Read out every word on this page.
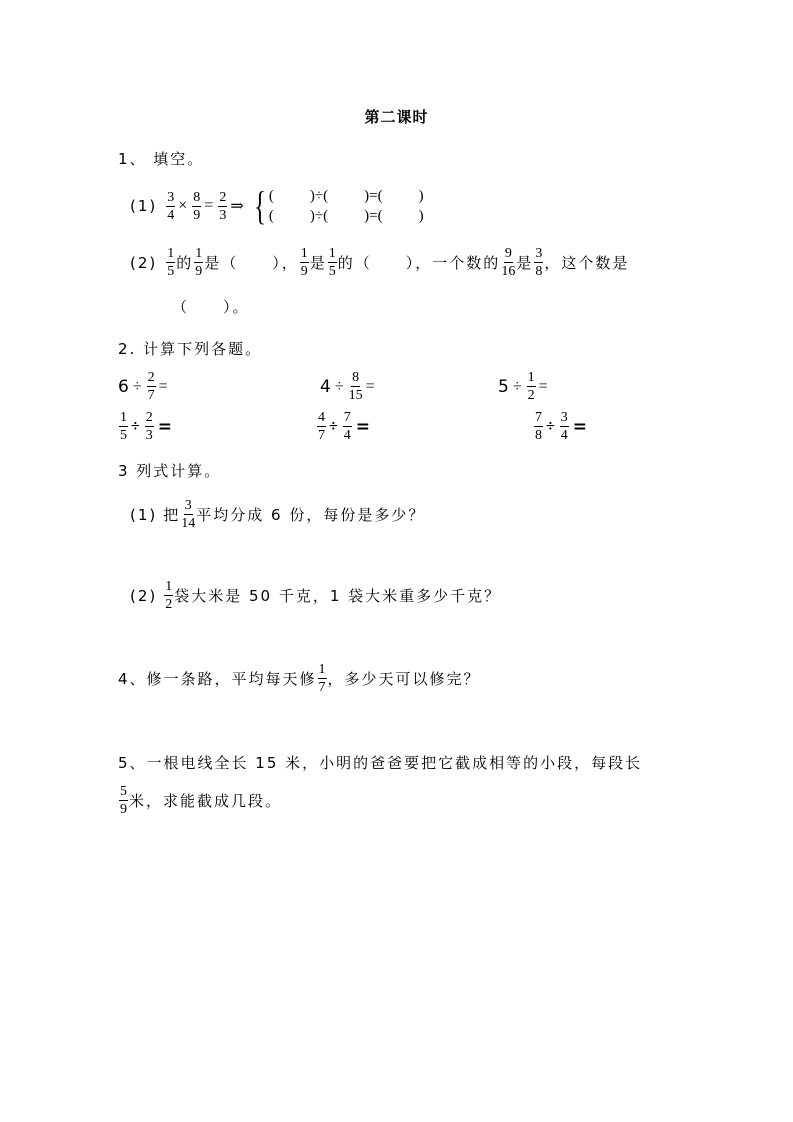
第二课时
1、 填空。
$(1) \frac{3}{4} \times \frac{8}{9} = \frac{2}{3}$ ⇒ { ( ) ÷ ( ) = ( )
( ) ÷ ( ) = ( )
$(2) \frac{1}{5}$ 的 $\frac{1}{9}$ 是（　　）， $\frac{1}{9}$ 是 $\frac{1}{5}$ 的（　　），一个数的 $\frac{9}{16}$ 是 $\frac{3}{8}$ ，这个数是
（　　）。
2. 计算下列各题。
$6 \div \frac{2}{7}$ =	$4 \div \frac{8}{15}$ =	$5 \div \frac{1}{2}$ =
$\frac{1}{5} \div \frac{2}{3}$ =	$\frac{4}{7} \div \frac{7}{4}$ =	$\frac{7}{8} \div \frac{3}{4}$ =
3 列式计算。
(1) 把 $\frac{3}{14}$ 平均分成 6 份，每份是多少？
$(2) \frac{1}{2}$ 袋大米是 50 千克，1 袋大米重多少千克？
4、修一条路，平均每天修 $\frac{1}{7}$ ，多少天可以修完？
5、一根电线全长 15 米，小明的爸爸要把它截成相等的小段，每段长
$\frac{5}{9}$ 米，求能截成几段。
